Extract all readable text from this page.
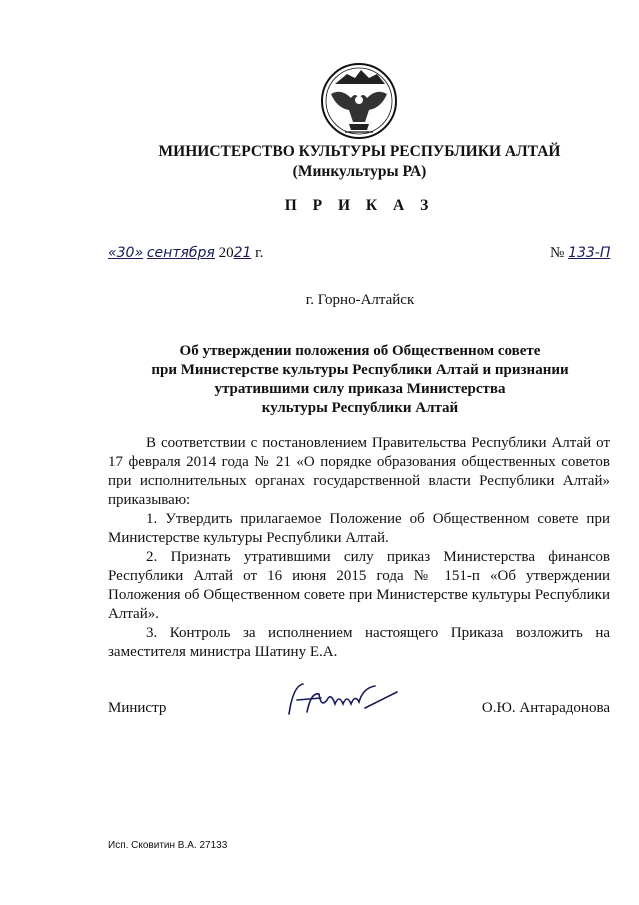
МИНИСТЕРСТВО КУЛЬТУРЫ РЕСПУБЛИКИ АЛТАЙ
(Минкультуры РА)
П Р И К А З
«30» сентября 2021 г.	№ 133-П
г. Горно-Алтайск
Об утверждении положения об Общественном совете
при Министерстве культуры Республики Алтай и признании
утратившими силу приказа Министерства
культуры Республики Алтай

В соответствии с постановлением Правительства Республики Алтай от 17 февраля 2014 года № 21 «О порядке образования общественных советов при исполнительных органах государственной власти Республики Алтай» приказываю:

1. Утвердить прилагаемое Положение об Общественном совете при Министерстве культуры Республики Алтай.

2. Признать утратившими силу приказ Министерства финансов Республики Алтай от 16 июня 2015 года № 151-п «Об утверждении Положения об Общественном совете при Министерстве культуры Республики Алтай».

3. Контроль за исполнением настоящего Приказа возложить на заместителя министра Шатину Е.А.

Министр	О.Ю. Антарадонова
Исп. Сковитин В.А. 27133
